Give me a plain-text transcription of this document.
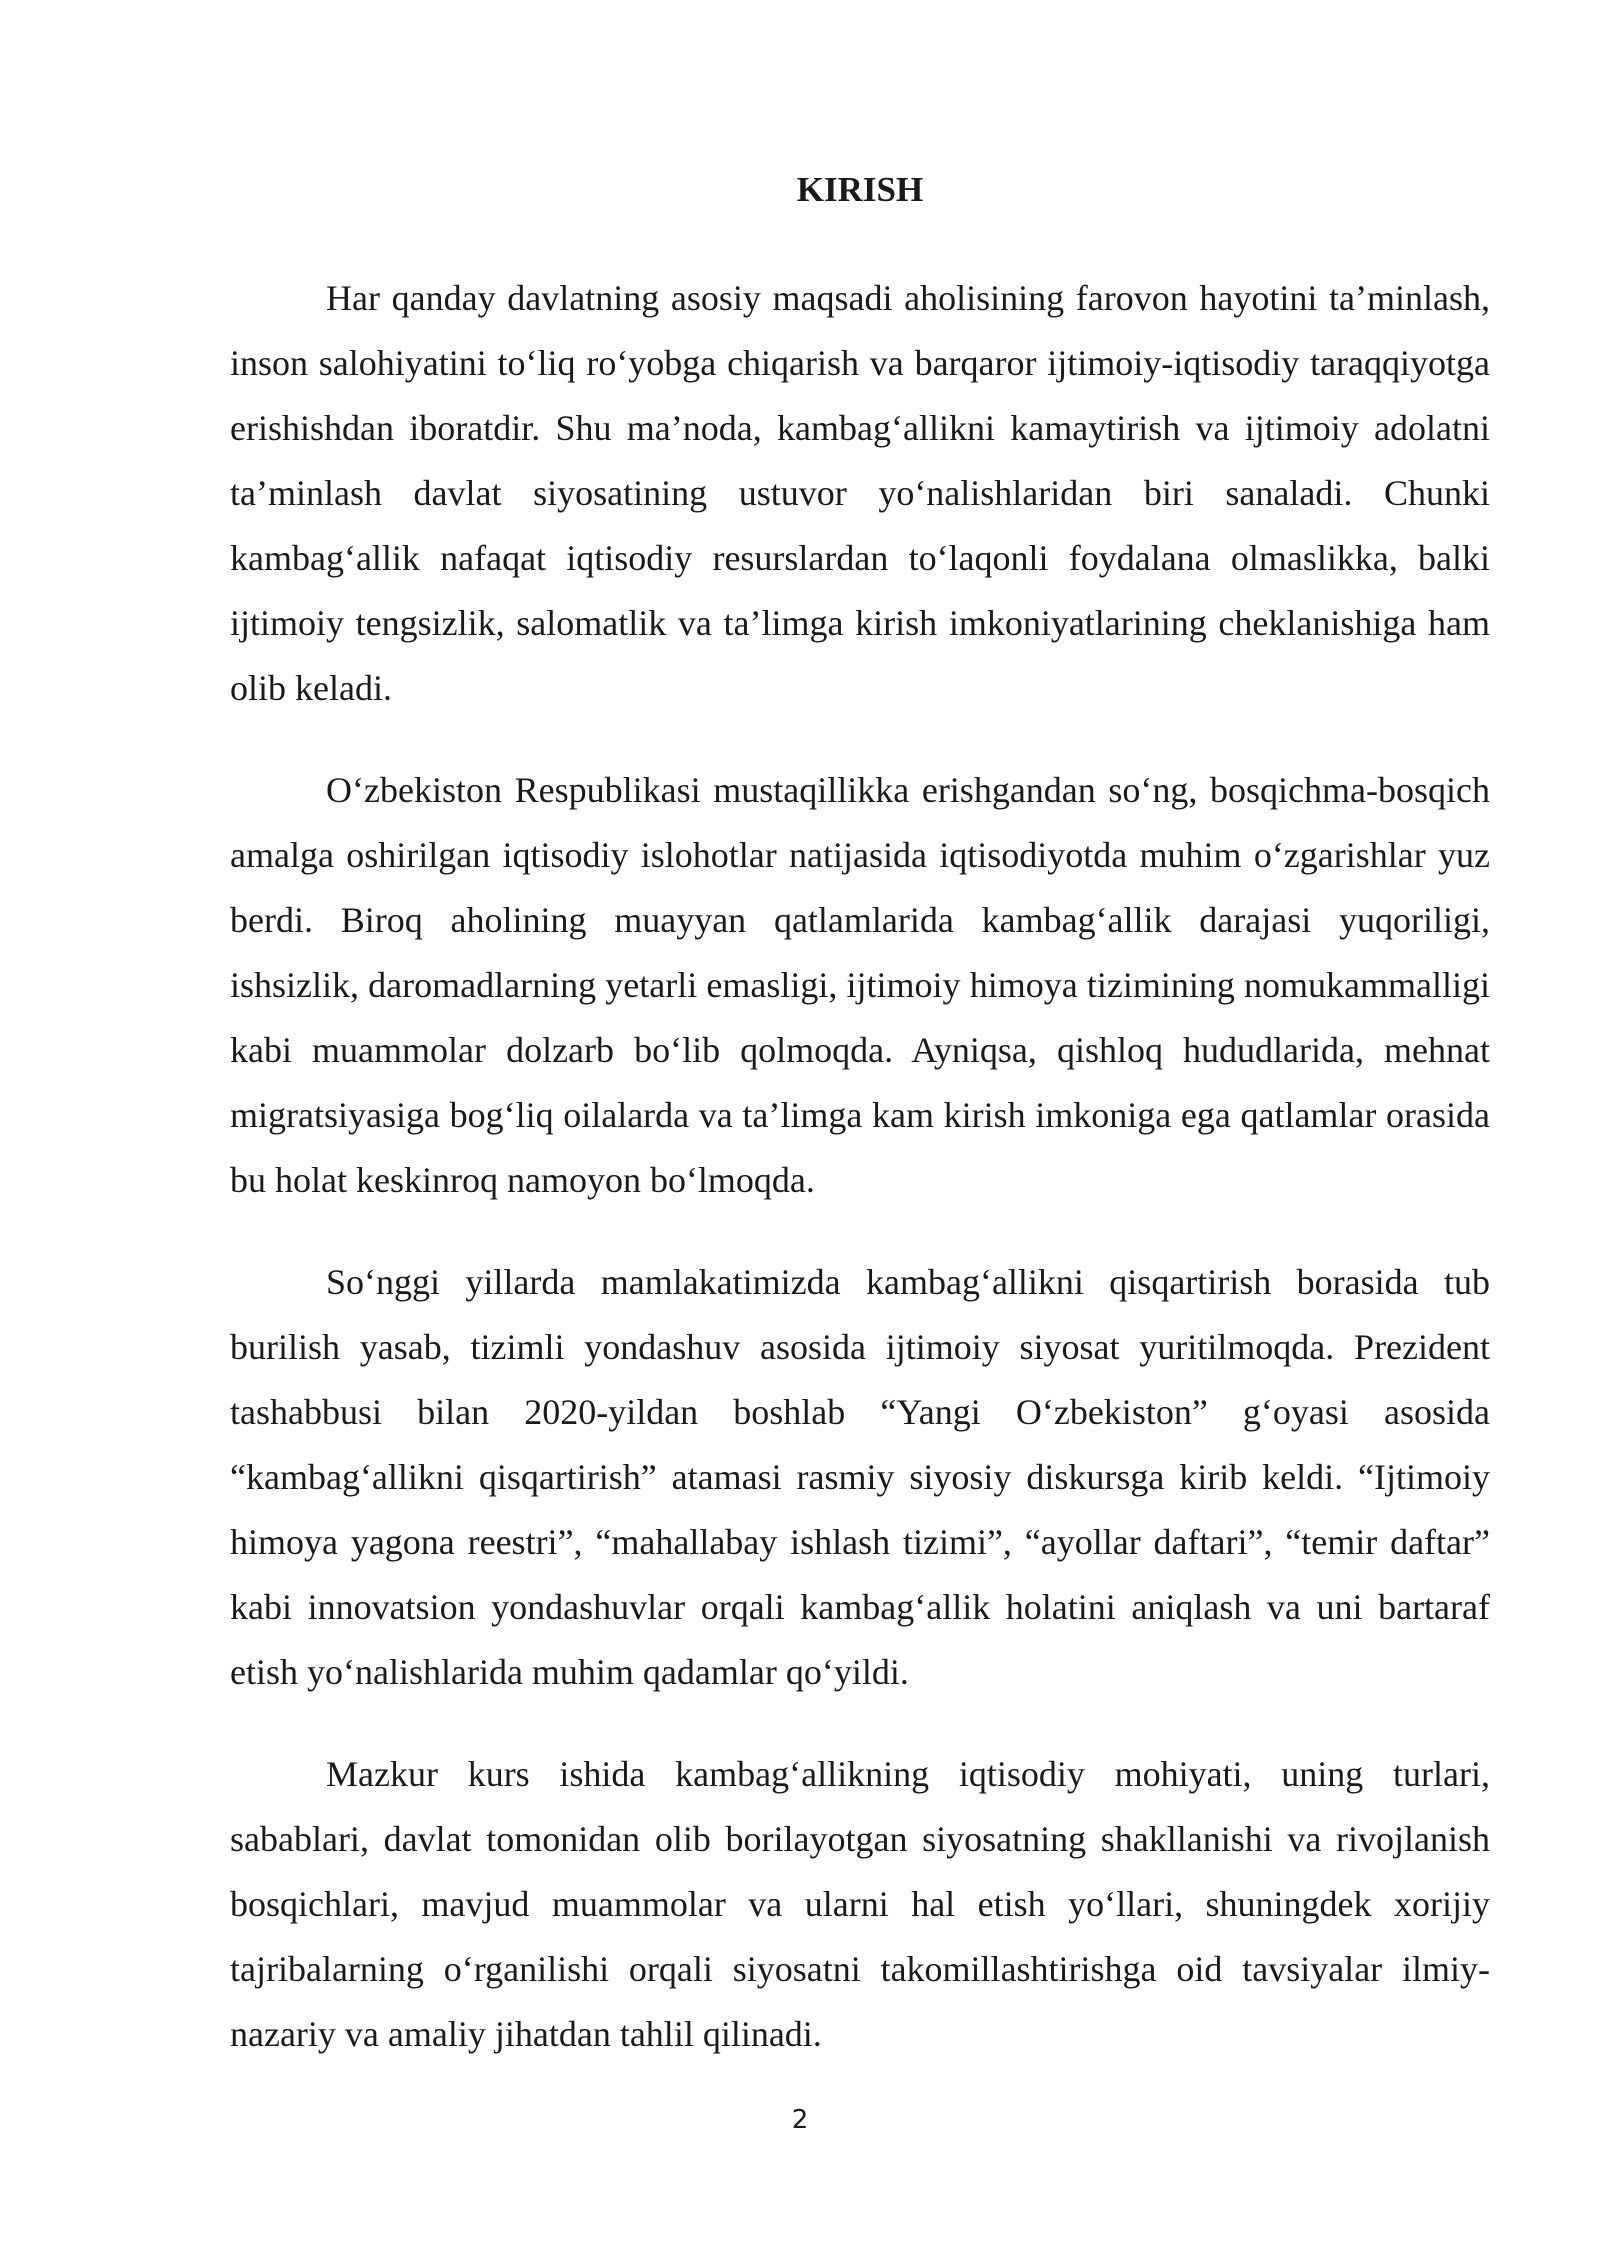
KIRISH

Har qanday davlatning asosiy maqsadi aholisining farovon hayotini ta’minlash, inson salohiyatini to‘liq ro‘yobga chiqarish va barqaror ijtimoiy-iqtisodiy taraqqiyotga erishishdan iboratdir. Shu ma’noda, kambag‘allikni kamaytirish va ijtimoiy adolatni ta’minlash davlat siyosatining ustuvor yo‘nalishlaridan biri sanaladi. Chunki kambag‘allik nafaqat iqtisodiy resurslardan to‘laqonli foydalana olmaslikka, balki ijtimoiy tengsizlik, salomatlik va ta’limga kirish imkoniyatlarining cheklanishiga ham olib keladi.

O‘zbekiston Respublikasi mustaqillikka erishgandan so‘ng, bosqichma-bosqich amalga oshirilgan iqtisodiy islohotlar natijasida iqtisodiyotda muhim o‘zgarishlar yuz berdi. Biroq aholining muayyan qatlamlarida kambag‘allik darajasi yuqoriligi, ishsizlik, daromadlarning yetarli emasligi, ijtimoiy himoya tizimining nomukammalligi kabi muammolar dolzarb bo‘lib qolmoqda. Ayniqsa, qishloq hududlarida, mehnat migratsiyasiga bog‘liq oilalarda va ta’limga kam kirish imkoniga ega qatlamlar orasida bu holat keskinroq namoyon bo‘lmoqda.

So‘nggi yillarda mamlakatimizda kambag‘allikni qisqartirish borasida tub burilish yasab, tizimli yondashuv asosida ijtimoiy siyosat yuritilmoqda. Prezident tashabbusi bilan 2020-yildan boshlab “Yangi O‘zbekiston” g‘oyasi asosida “kambag‘allikni qisqartirish” atamasi rasmiy siyosiy diskursga kirib keldi. “Ijtimoiy himoya yagona reestri”, “mahallabay ishlash tizimi”, “ayollar daftari”, “temir daftar” kabi innovatsion yondashuvlar orqali kambag‘allik holatini aniqlash va uni bartaraf etish yo‘nalishlarida muhim qadamlar qo‘yildi.

Mazkur kurs ishida kambag‘allikning iqtisodiy mohiyati, uning turlari, sabablari, davlat tomonidan olib borilayotgan siyosatning shakllanishi va rivojlanish bosqichlari, mavjud muammolar va ularni hal etish yo‘llari, shuningdek xorijiy tajribalarning o‘rganilishi orqali siyosatni takomillashtirishga oid tavsiyalar ilmiy-nazariy va amaliy jihatdan tahlil qilinadi.

2
